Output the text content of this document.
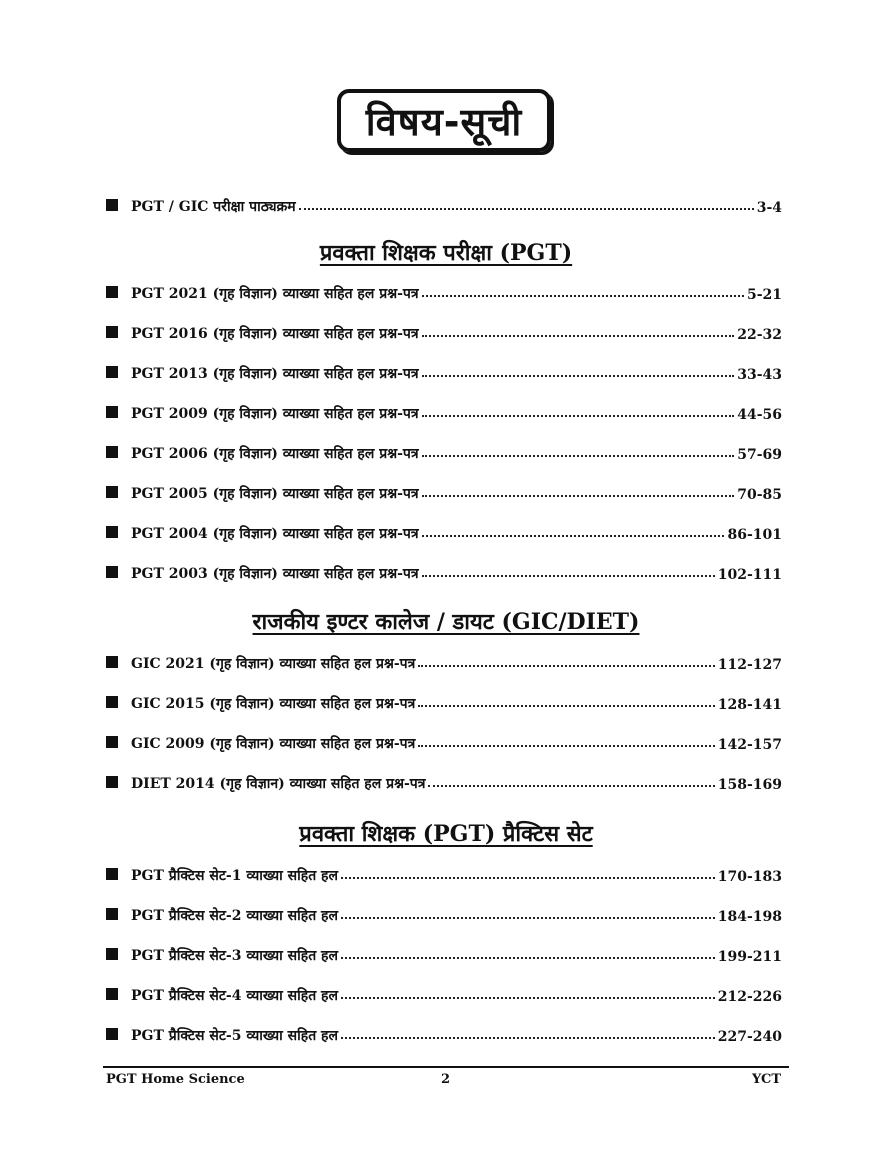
विषय-सूची
PGT / GIC परीक्षा पाठ्यक्रम	3-4
प्रवक्ता शिक्षक परीक्षा (PGT)
PGT 2021 (गृह विज्ञान) व्याख्या सहित हल प्रश्न-पत्र	5-21
PGT 2016 (गृह विज्ञान) व्याख्या सहित हल प्रश्न-पत्र	22-32
PGT 2013 (गृह विज्ञान) व्याख्या सहित हल प्रश्न-पत्र	33-43
PGT 2009 (गृह विज्ञान) व्याख्या सहित हल प्रश्न-पत्र	44-56
PGT 2006 (गृह विज्ञान) व्याख्या सहित हल प्रश्न-पत्र	57-69
PGT 2005 (गृह विज्ञान) व्याख्या सहित हल प्रश्न-पत्र	70-85
PGT 2004 (गृह विज्ञान) व्याख्या सहित हल प्रश्न-पत्र	86-101
PGT 2003 (गृह विज्ञान) व्याख्या सहित हल प्रश्न-पत्र	102-111
राजकीय इण्टर कालेज / डायट (GIC/DIET)
GIC 2021 (गृह विज्ञान) व्याख्या सहित हल प्रश्न-पत्र	112-127
GIC 2015 (गृह विज्ञान) व्याख्या सहित हल प्रश्न-पत्र	128-141
GIC 2009 (गृह विज्ञान) व्याख्या सहित हल प्रश्न-पत्र	142-157
DIET 2014 (गृह विज्ञान) व्याख्या सहित हल प्रश्न-पत्र	158-169
प्रवक्ता शिक्षक (PGT) प्रैक्टिस सेट
PGT प्रैक्टिस सेट-1 व्याख्या सहित हल	170-183
PGT प्रैक्टिस सेट-2 व्याख्या सहित हल	184-198
PGT प्रैक्टिस सेट-3 व्याख्या सहित हल	199-211
PGT प्रैक्टिस सेट-4 व्याख्या सहित हल	212-226
PGT प्रैक्टिस सेट-5 व्याख्या सहित हल	227-240
PGT Home Science	2	YCT
